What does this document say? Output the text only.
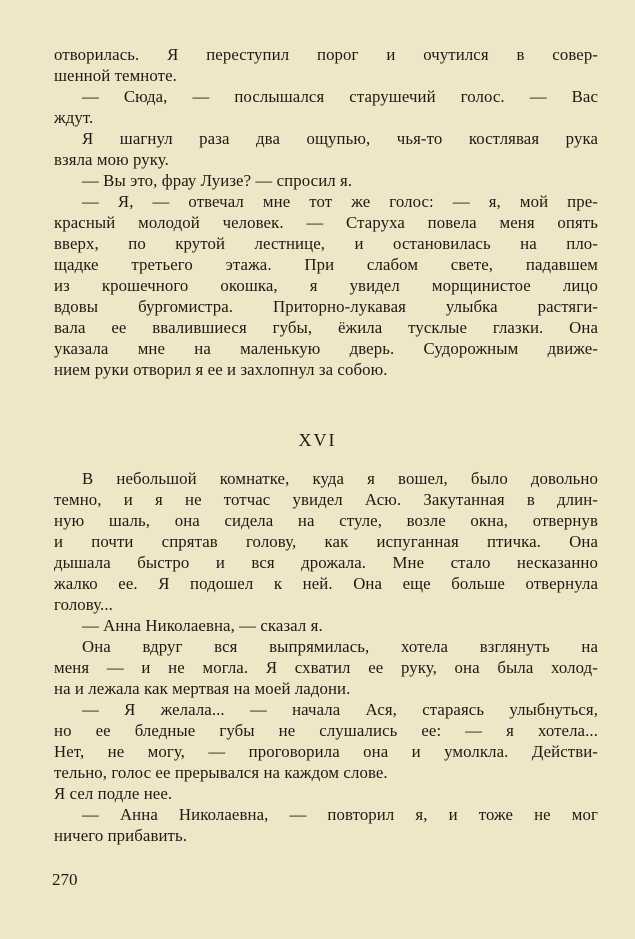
отворилась. Я переступил порог и очутился в совер-
шенной темноте.
— Сюда, — послышался старушечий голос. — Вас
ждут.
Я шагнул раза два ощупью, чья-то костлявая рука
взяла мою руку.
— Вы это, фрау Луизе? — спросил я.
— Я, — отвечал мне тот же голос: — я, мой пре-
красный молодой человек. — Старуха повела меня опять
вверх, по крутой лестнице, и остановилась на пло-
щадке третьего этажа. При слабом свете, падавшем
из крошечного окошка, я увидел морщинистое лицо
вдовы бургомистра. Приторно-лукавая улыбка растяги-
вала ее ввалившиеся губы, ёжила тусклые глазки. Она
указала мне на маленькую дверь. Судорожным движе-
нием руки отворил я ее и захлопнул за собою.
XVI
В небольшой комнатке, куда я вошел, было довольно
темно, и я не тотчас увидел Асю. Закутанная в длин-
ную шаль, она сидела на стуле, возле окна, отвернув
и почти спрятав голову, как испуганная птичка. Она
дышала быстро и вся дрожала. Мне стало несказанно
жалко ее. Я подошел к ней. Она еще больше отвернула
голову...
— Анна Николаевна, — сказал я.
Она вдруг вся выпрямилась, хотела взглянуть на
меня — и не могла. Я схватил ее руку, она была холод-
на и лежала как мертвая на моей ладони.
— Я желала... — начала Ася, стараясь улыбнуться,
но ее бледные губы не слушались ее: — я хотела...
Нет, не могу, — проговорила она и умолкла. Действи-
тельно, голос ее прерывался на каждом слове.
Я сел подле нее.
— Анна Николаевна, — повторил я, и тоже не мог
ничего прибавить.
270
